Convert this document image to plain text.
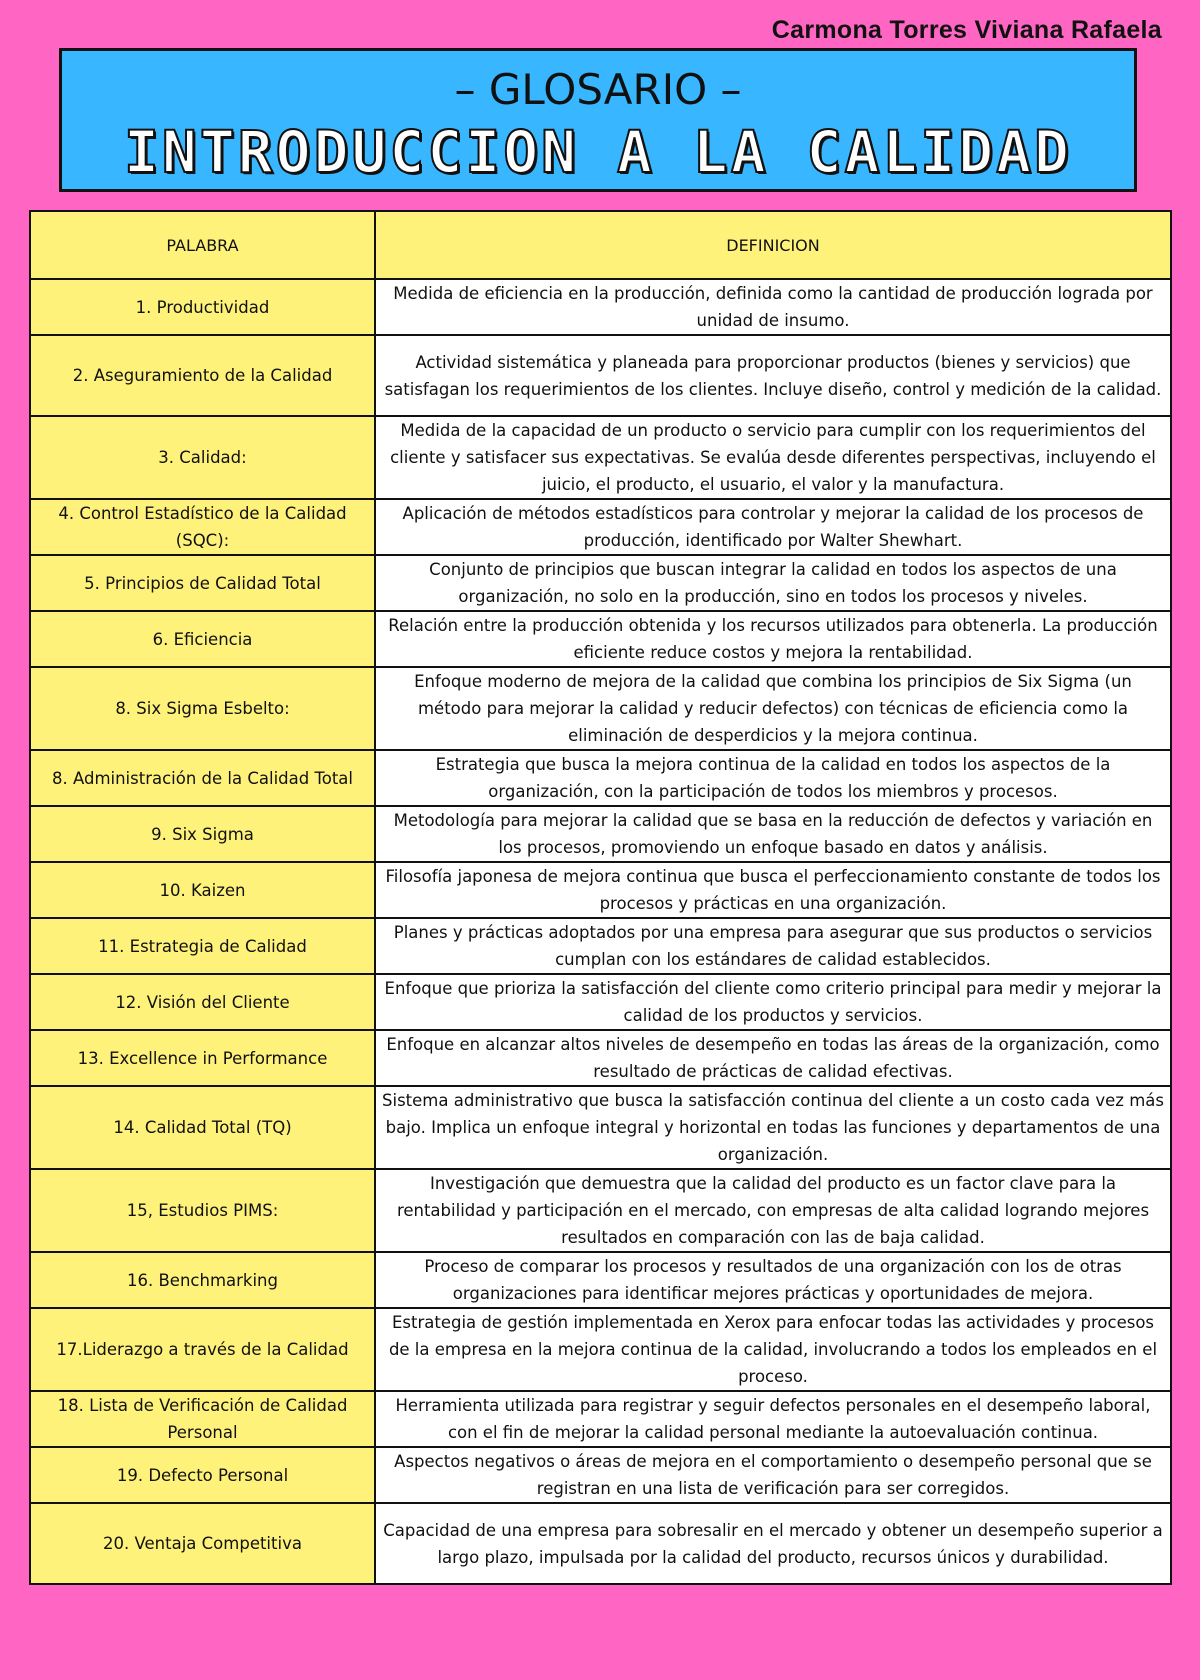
Carmona Torres Viviana Rafaela
– GLOSARIO –
INTRODUCCION A LA CALIDAD
PALABRA	DEFINICION
1. Productividad	Medida de eficiencia en la producción, definida como la cantidad de producción lograda por unidad de insumo.
2. Aseguramiento de la Calidad	Actividad sistemática y planeada para proporcionar productos (bienes y servicios) que satisfagan los requerimientos de los clientes. Incluye diseño, control y medición de la calidad.
3. Calidad:	Medida de la capacidad de un producto o servicio para cumplir con los requerimientos del cliente y satisfacer sus expectativas. Se evalúa desde diferentes perspectivas, incluyendo el juicio, el producto, el usuario, el valor y la manufactura.
4. Control Estadístico de la Calidad (SQC):	Aplicación de métodos estadísticos para controlar y mejorar la calidad de los procesos de producción, identificado por Walter Shewhart.
5. Principios de Calidad Total	Conjunto de principios que buscan integrar la calidad en todos los aspectos de una organización, no solo en la producción, sino en todos los procesos y niveles.
6. Eficiencia	Relación entre la producción obtenida y los recursos utilizados para obtenerla. La producción eficiente reduce costos y mejora la rentabilidad.
8. Six Sigma Esbelto:	Enfoque moderno de mejora de la calidad que combina los principios de Six Sigma (un método para mejorar la calidad y reducir defectos) con técnicas de eficiencia como la eliminación de desperdicios y la mejora continua.
8. Administración de la Calidad Total	Estrategia que busca la mejora continua de la calidad en todos los aspectos de la organización, con la participación de todos los miembros y procesos.
9. Six Sigma	Metodología para mejorar la calidad que se basa en la reducción de defectos y variación en los procesos, promoviendo un enfoque basado en datos y análisis.
10. Kaizen	Filosofía japonesa de mejora continua que busca el perfeccionamiento constante de todos los procesos y prácticas en una organización.
11. Estrategia de Calidad	Planes y prácticas adoptados por una empresa para asegurar que sus productos o servicios cumplan con los estándares de calidad establecidos.
12. Visión del Cliente	Enfoque que prioriza la satisfacción del cliente como criterio principal para medir y mejorar la calidad de los productos y servicios.
13. Excellence in Performance	Enfoque en alcanzar altos niveles de desempeño en todas las áreas de la organización, como resultado de prácticas de calidad efectivas.
14. Calidad Total (TQ)	Sistema administrativo que busca la satisfacción continua del cliente a un costo cada vez más bajo. Implica un enfoque integral y horizontal en todas las funciones y departamentos de una organización.
15, Estudios PIMS:	Investigación que demuestra que la calidad del producto es un factor clave para la rentabilidad y participación en el mercado, con empresas de alta calidad logrando mejores resultados en comparación con las de baja calidad.
16. Benchmarking	Proceso de comparar los procesos y resultados de una organización con los de otras organizaciones para identificar mejores prácticas y oportunidades de mejora.
17.Liderazgo a través de la Calidad	Estrategia de gestión implementada en Xerox para enfocar todas las actividades y procesos de la empresa en la mejora continua de la calidad, involucrando a todos los empleados en el proceso.
18. Lista de Verificación de Calidad Personal	Herramienta utilizada para registrar y seguir defectos personales en el desempeño laboral, con el fin de mejorar la calidad personal mediante la autoevaluación continua.
19. Defecto Personal	Aspectos negativos o áreas de mejora en el comportamiento o desempeño personal que se registran en una lista de verificación para ser corregidos.
20. Ventaja Competitiva	Capacidad de una empresa para sobresalir en el mercado y obtener un desempeño superior a largo plazo, impulsada por la calidad del producto, recursos únicos y durabilidad.
